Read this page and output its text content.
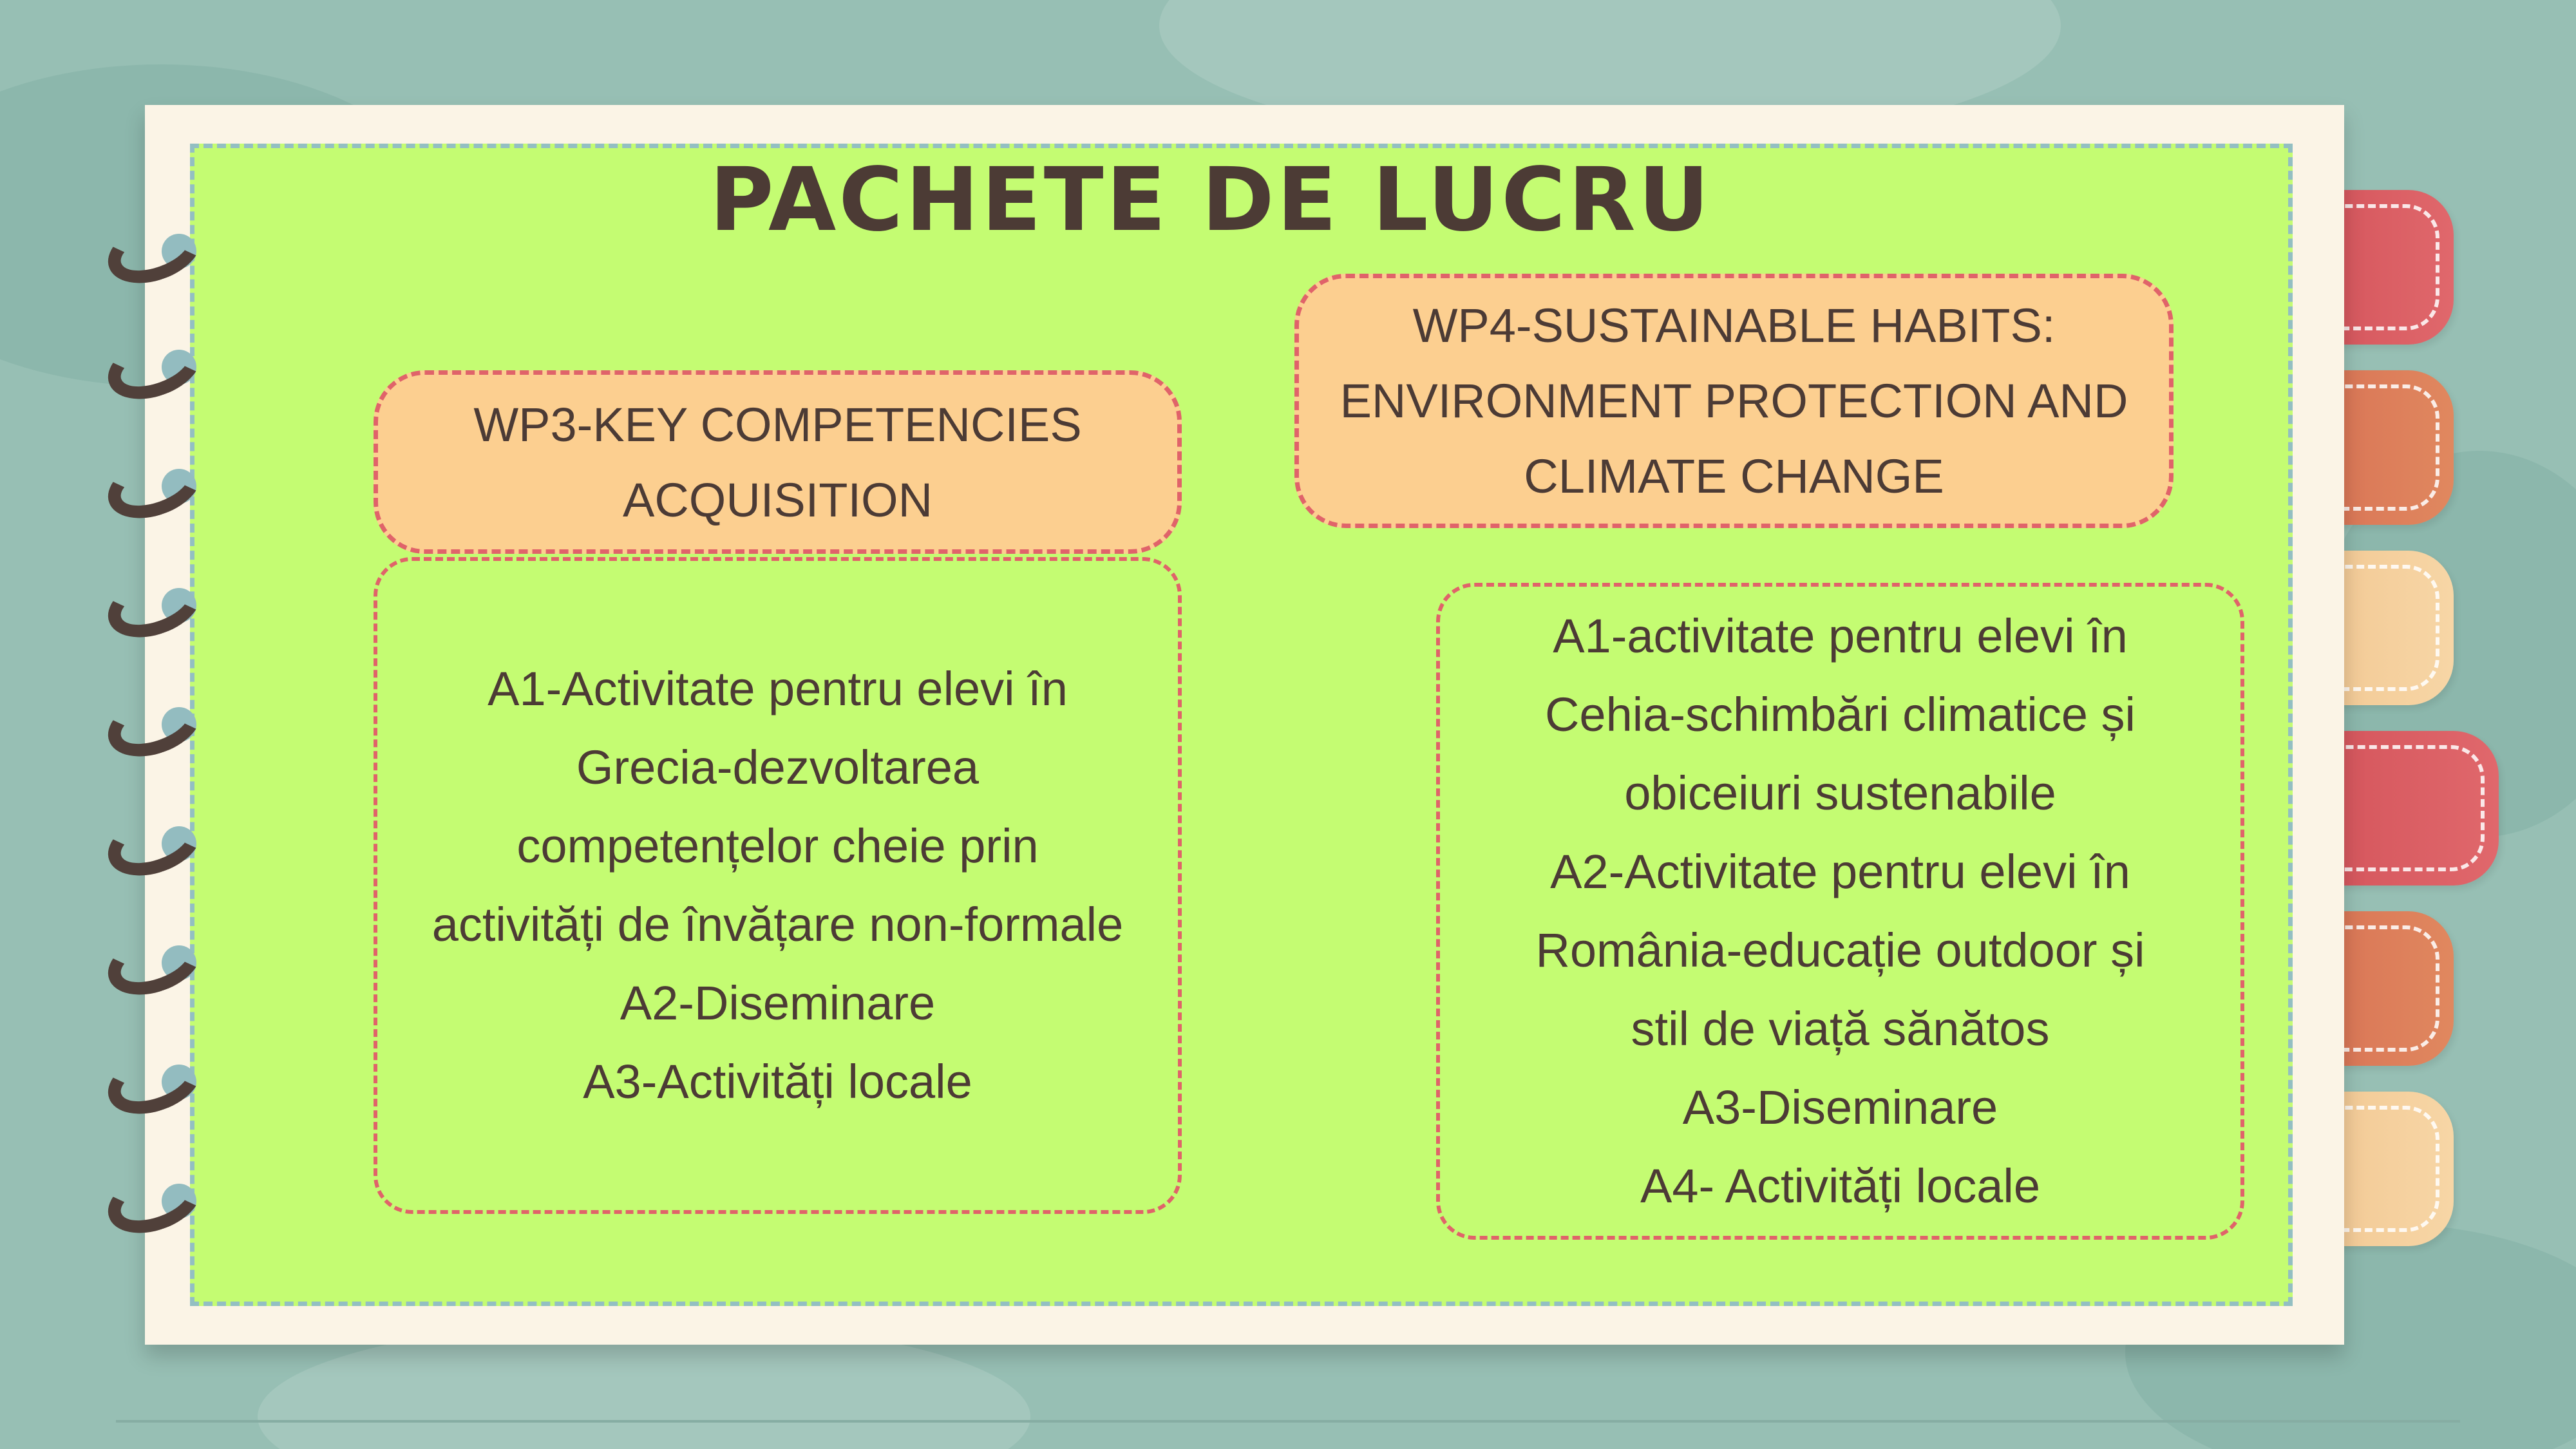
PACHETE DE LUCRU
WP3-KEY COMPETENCIES
ACQUISITION
WP4-SUSTAINABLE HABITS:
ENVIRONMENT PROTECTION AND
CLIMATE CHANGE
A1-Activitate pentru elevi în
Grecia-dezvoltarea
competențelor cheie prin
activități de învățare non-formale
A2-Diseminare
A3-Activități locale
A1-activitate pentru elevi în
Cehia-schimbări climatice și
obiceiuri sustenabile
A2-Activitate pentru elevi în
România-educație outdoor și
stil de viață sănătos
A3-Diseminare
A4- Activități locale
